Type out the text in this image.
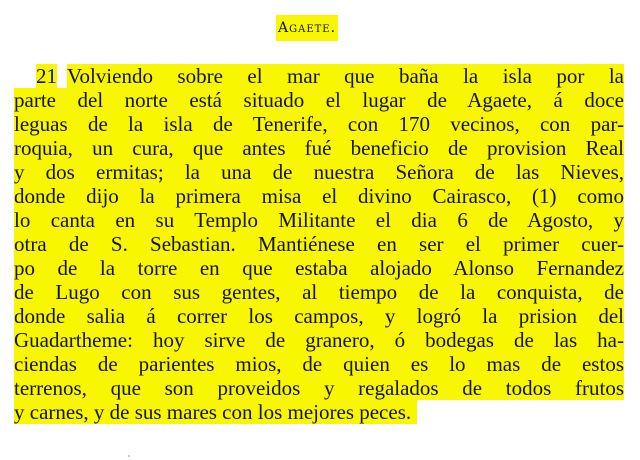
Agaete.
21 Volviendo sobre el mar que baña la isla por la
parte del norte está situado el lugar de Agaete, á doce
leguas de la isla de Tenerife, con 170 vecinos, con par-
roquia, un cura, que antes fué beneficio de provision Real
y dos ermitas; la una de nuestra Señora de las Nieves,
donde dijo la primera misa el divino Cairasco, (1) como
lo canta en su Templo Militante el dia 6 de Agosto, y
otra de S. Sebastian. Mantiénese en ser el primer cuer-
po de la torre en que estaba alojado Alonso Fernandez
de Lugo con sus gentes, al tiempo de la conquista, de
donde salia á correr los campos, y logró la prision del
Guadartheme: hoy sirve de granero, ó bodegas de las ha-
ciendas de parientes mios, de quien es lo mas de estos
terrenos, que son proveidos y regalados de todos frutos
y carnes, y de sus mares con los mejores peces.
